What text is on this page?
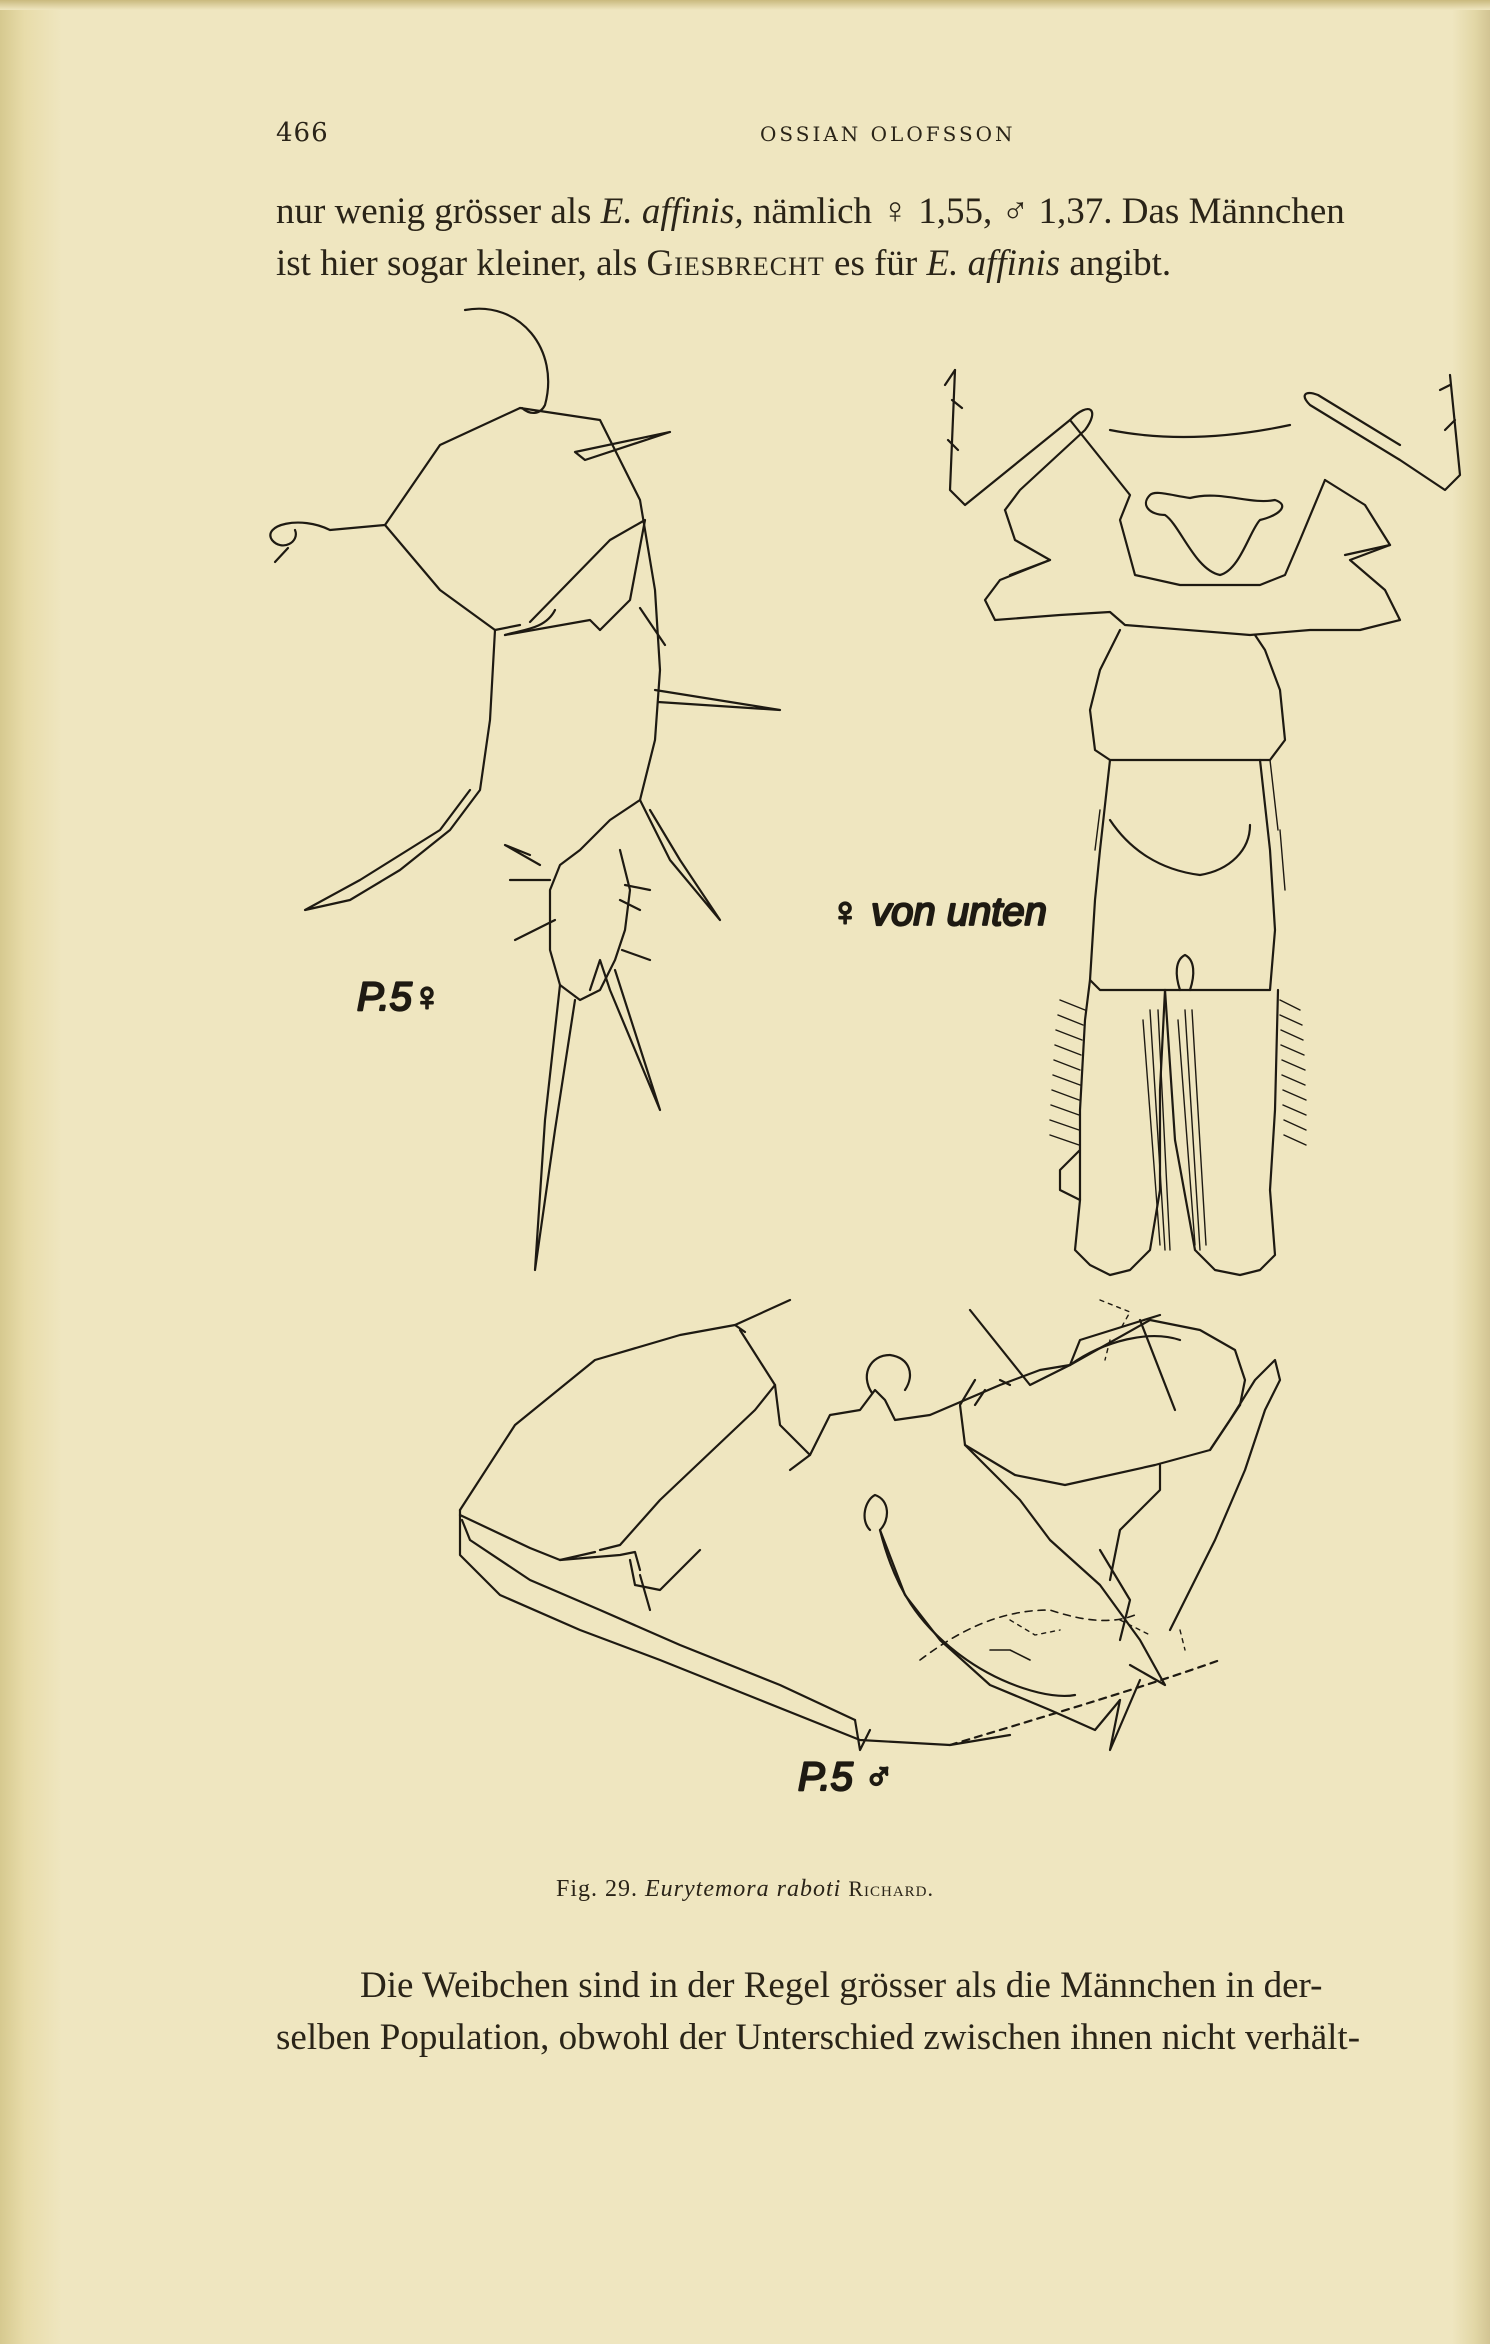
466	OSSIAN OLOFSSON
nur wenig grösser als E. affinis, nämlich ♀ 1,55, ♂ 1,37. Das Männchen
ist hier sogar kleiner, als Giesbrecht es für E. affinis angibt.
P.5♀
♀ von unten
P.5 ♂
Fig. 29. Eurytemora raboti Richard.
Die Weibchen sind in der Regel grösser als die Männchen in der-
selben Population, obwohl der Unterschied zwischen ihnen nicht verhält-
